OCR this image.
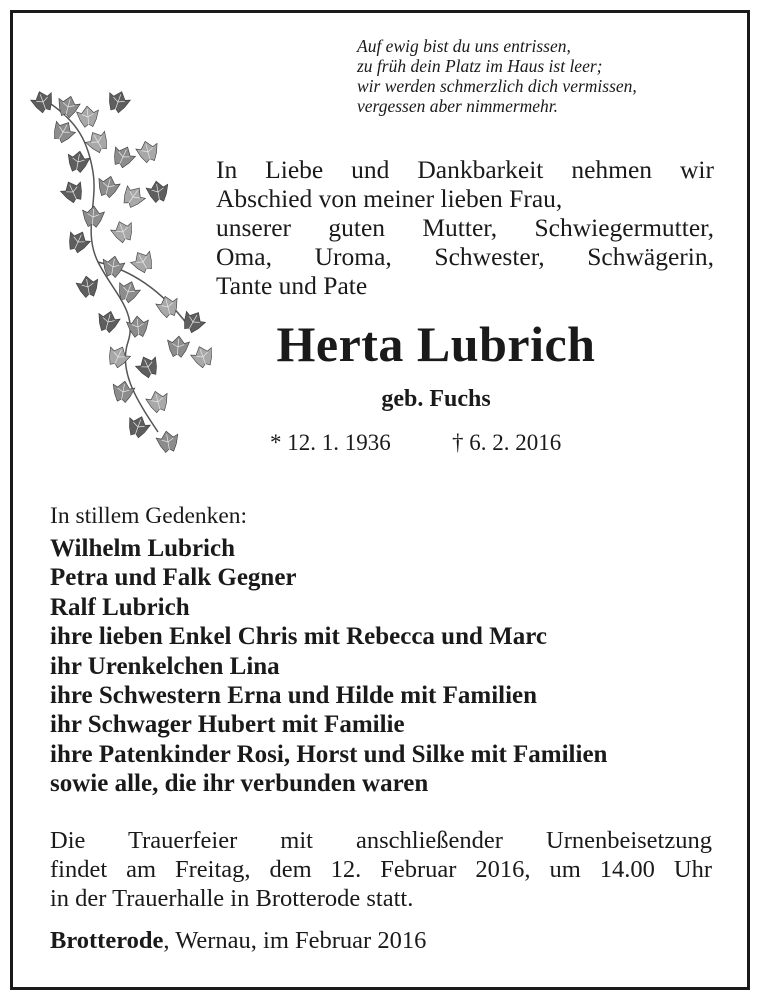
Auf ewig bist du uns entrissen,
zu früh dein Platz im Haus ist leer;
wir werden schmerzlich dich vermissen,
vergessen aber nimmermehr.
In Liebe und Dankbarkeit nehmen wir
Abschied von meiner lieben Frau,
unserer guten Mutter, Schwiegermutter,
Oma, Uroma, Schwester, Schwägerin,
Tante und Pate
Herta Lubrich
geb. Fuchs
* 12. 1. 1936	† 6. 2. 2016
In stillem Gedenken:
Wilhelm Lubrich
Petra und Falk Gegner
Ralf Lubrich
ihre lieben Enkel Chris mit Rebecca und Marc
ihr Urenkelchen Lina
ihre Schwestern Erna und Hilde mit Familien
ihr Schwager Hubert mit Familie
ihre Patenkinder Rosi, Horst und Silke mit Familien
sowie alle, die ihr verbunden waren
Die Trauerfeier mit anschließender Urnenbeisetzung
findet am Freitag, dem 12. Februar 2016, um 14.00 Uhr
in der Trauerhalle in Brotterode statt.
Brotterode, Wernau, im Februar 2016
